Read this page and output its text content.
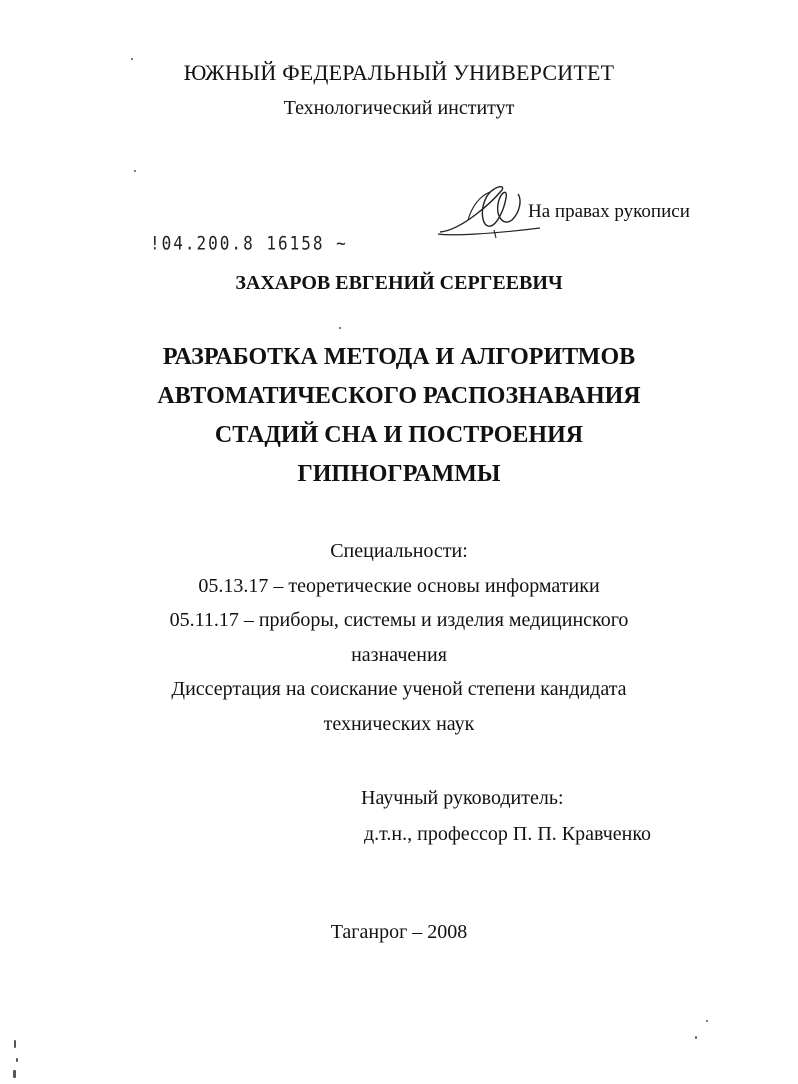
ЮЖНЫЙ ФЕДЕРАЛЬНЫЙ УНИВЕРСИТЕТ
Технологический институт
На правах рукописи
!04.200.8 16158 ~
ЗАХАРОВ ЕВГЕНИЙ СЕРГЕЕВИЧ
РАЗРАБОТКА МЕТОДА И АЛГОРИТМОВ
АВТОМАТИЧЕСКОГО РАСПОЗНАВАНИЯ
СТАДИЙ СНА И ПОСТРОЕНИЯ
ГИПНОГРАММЫ
Специальности:
05.13.17 – теоретические основы информатики
05.11.17 – приборы, системы и изделия медицинского
назначения
Диссертация на соискание ученой степени кандидата
технических наук
Научный руководитель:
д.т.н., профессор П. П. Кравченко
Таганрог – 2008
